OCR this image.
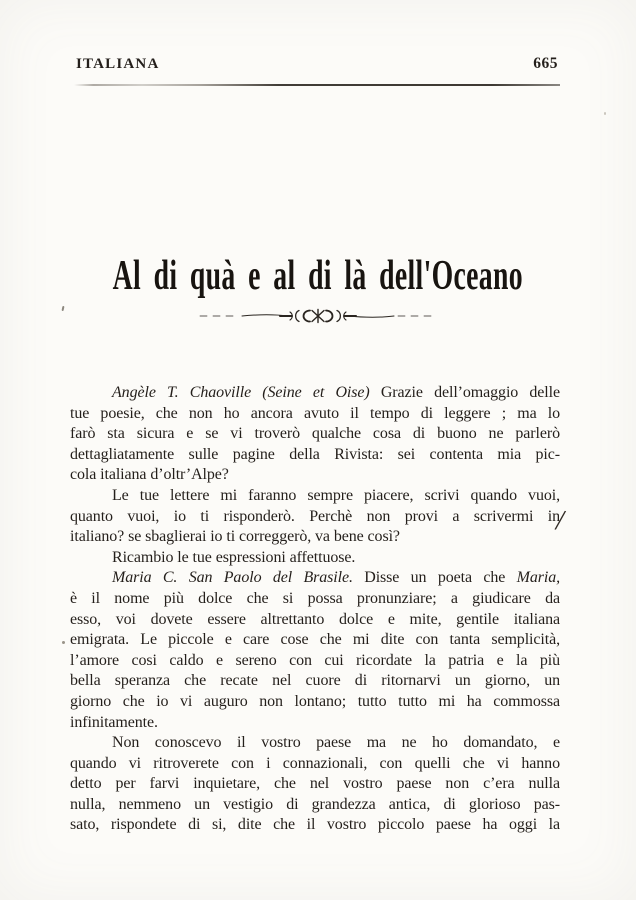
ITALIANA	665
Al di quà e al di là dell'Oceano
Angèle T. Chaoville (Seine et Oise) Grazie dell’omaggio delle
tue poesie, che non ho ancora avuto il tempo di leggere ; ma lo
farò sta sicura e se vi troverò qualche cosa di buono ne parlerò
dettagliatamente sulle pagine della Rivista: sei contenta mia pic-
cola italiana d’oltr’Alpe?
Le tue lettere mi faranno sempre piacere, scrivi quando vuoi,
quanto vuoi, io ti risponderò. Perchè non provi a scrivermi in
italiano? se sbaglierai io ti correggerò, va bene così?
Ricambio le tue espressioni affettuose.
Maria C. San Paolo del Brasile. Disse un poeta che Maria,
è il nome più dolce che si possa pronunziare; a giudicare da
esso, voi dovete essere altrettanto dolce e mite, gentile italiana
emigrata. Le piccole e care cose che mi dite con tanta semplicità,
l’amore cosi caldo e sereno con cui ricordate la patria e la più
bella speranza che recate nel cuore di ritornarvi un giorno, un
giorno che io vi auguro non lontano; tutto tutto mi ha commossa
infinitamente.
Non conoscevo il vostro paese ma ne ho domandato, e
quando vi ritroverete con i connazionali, con quelli che vi hanno
detto per farvi inquietare, che nel vostro paese non c’era nulla
nulla, nemmeno un vestigio di grandezza antica, di glorioso pas-
sato, rispondete di si, dite che il vostro piccolo paese ha oggi la
/
